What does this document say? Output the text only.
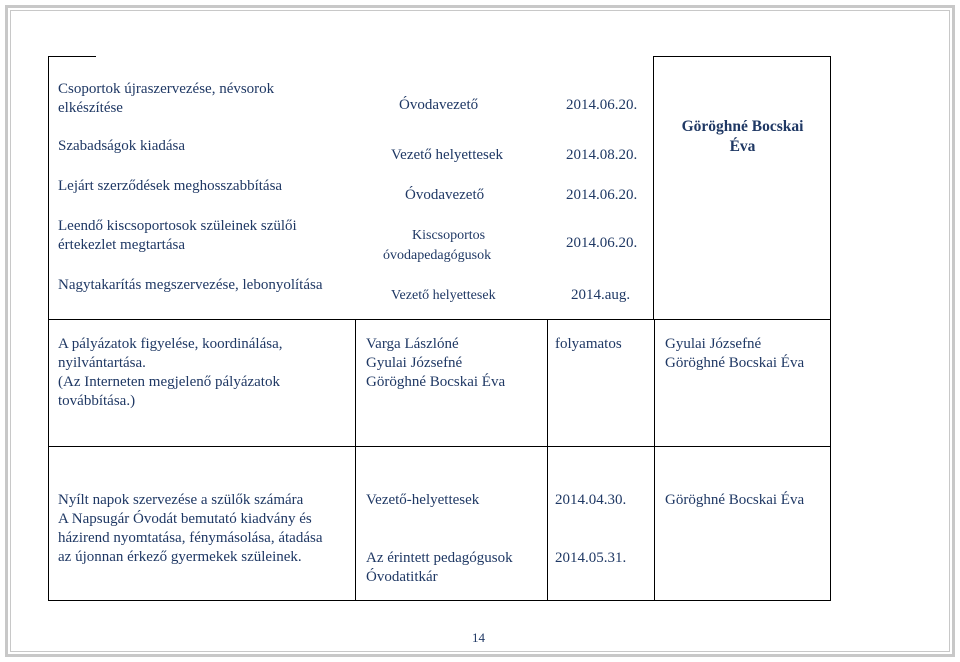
Csoportok újraszervezése, névsorok
elkészítése
Szabadságok kiadása
Lejárt szerződések meghosszabbítása
Leendő kiscsoportosok szüleinek szülői
értekezlet megtartása
Nagytakarítás megszervezése, lebonyolítása
Óvodavezető
Vezető helyettesek
Óvodavezető
Kiscsoportos
óvodapedagógusok
Vezető helyettesek
2014.06.20.
2014.08.20.
2014.06.20.
2014.06.20.
2014.aug.
Göröghné Bocskai
Éva
A pályázatok figyelése, koordinálása,
nyilvántartása.
(Az Interneten megjelenő pályázatok
továbbítása.)
Varga Lászlóné
Gyulai Józsefné
Göröghné Bocskai Éva
folyamatos	Gyulai Józsefné
Göröghné Bocskai Éva
Nyílt napok szervezése a szülők számára
A Napsugár Óvodát bemutató kiadvány és
házirend nyomtatása, fénymásolása, átadása
az újonnan érkező gyermekek szüleinek.
Vezető-helyettesek
Az érintett pedagógusok
Óvodatitkár
2014.04.30.
2014.05.31.
Göröghné Bocskai Éva
14
